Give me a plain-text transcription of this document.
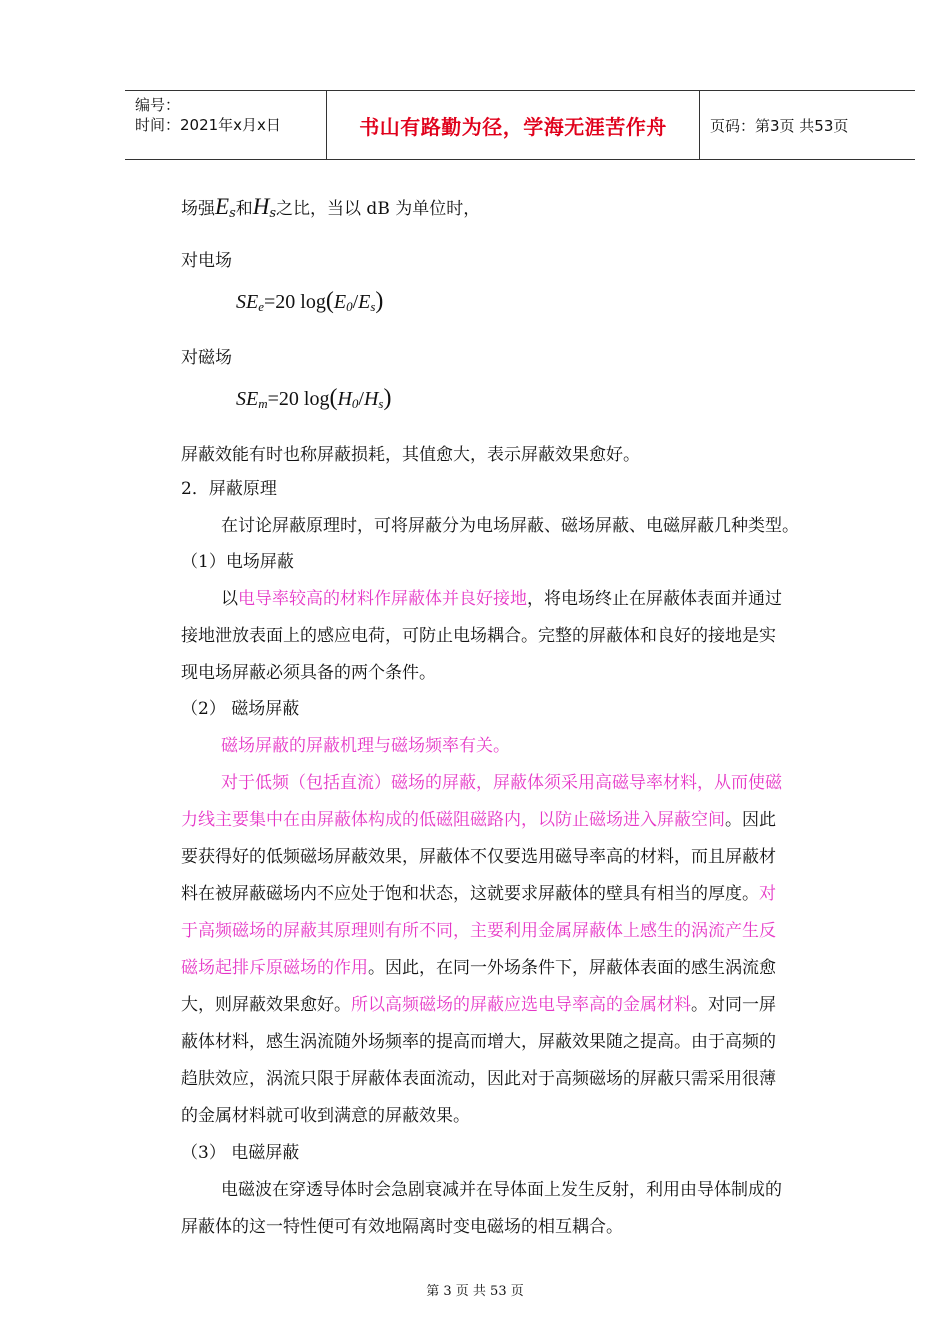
编号：
时间：2021年x月x日	书山有路勤为径，学海无涯苦作舟	页码：第3页 共53页
场强$E_s$和$H_s$之比，当以 dB 为单位时，
对电场
$SE_e=20$ $\log(E_0/E_s)$
对磁场
$SE_m=20$ $\log(H_0/H_s)$
屏蔽效能有时也称屏蔽损耗，其值愈大，表示屏蔽效果愈好。
2．屏蔽原理
在讨论屏蔽原理时，可将屏蔽分为电场屏蔽、磁场屏蔽、电磁屏蔽几种类型。
（1）电场屏蔽
以电导率较高的材料作屏蔽体并良好接地，将电场终止在屏蔽体表面并通过
接地泄放表面上的感应电荷，可防止电场耦合。完整的屏蔽体和良好的接地是实
现电场屏蔽必须具备的两个条件。
（2） 磁场屏蔽
磁场屏蔽的屏蔽机理与磁场频率有关。
对于低频（包括直流）磁场的屏蔽，屏蔽体须采用高磁导率材料，从而使磁
力线主要集中在由屏蔽体构成的低磁阻磁路内，以防止磁场进入屏蔽空间。因此
要获得好的低频磁场屏蔽效果，屏蔽体不仅要选用磁导率高的材料，而且屏蔽材
料在被屏蔽磁场内不应处于饱和状态，这就要求屏蔽体的壁具有相当的厚度。对
于高频磁场的屏蔽其原理则有所不同，主要利用金属屏蔽体上感生的涡流产生反
磁场起排斥原磁场的作用。因此，在同一外场条件下，屏蔽体表面的感生涡流愈
大，则屏蔽效果愈好。所以高频磁场的屏蔽应选电导率高的金属材料。对同一屏
蔽体材料，感生涡流随外场频率的提高而增大，屏蔽效果随之提高。由于高频的
趋肤效应，涡流只限于屏蔽体表面流动，因此对于高频磁场的屏蔽只需采用很薄
的金属材料就可收到满意的屏蔽效果。
（3） 电磁屏蔽
电磁波在穿透导体时会急剧衰减并在导体面上发生反射，利用由导体制成的
屏蔽体的这一特性便可有效地隔离时变电磁场的相互耦合。
第 3 页 共 53 页
